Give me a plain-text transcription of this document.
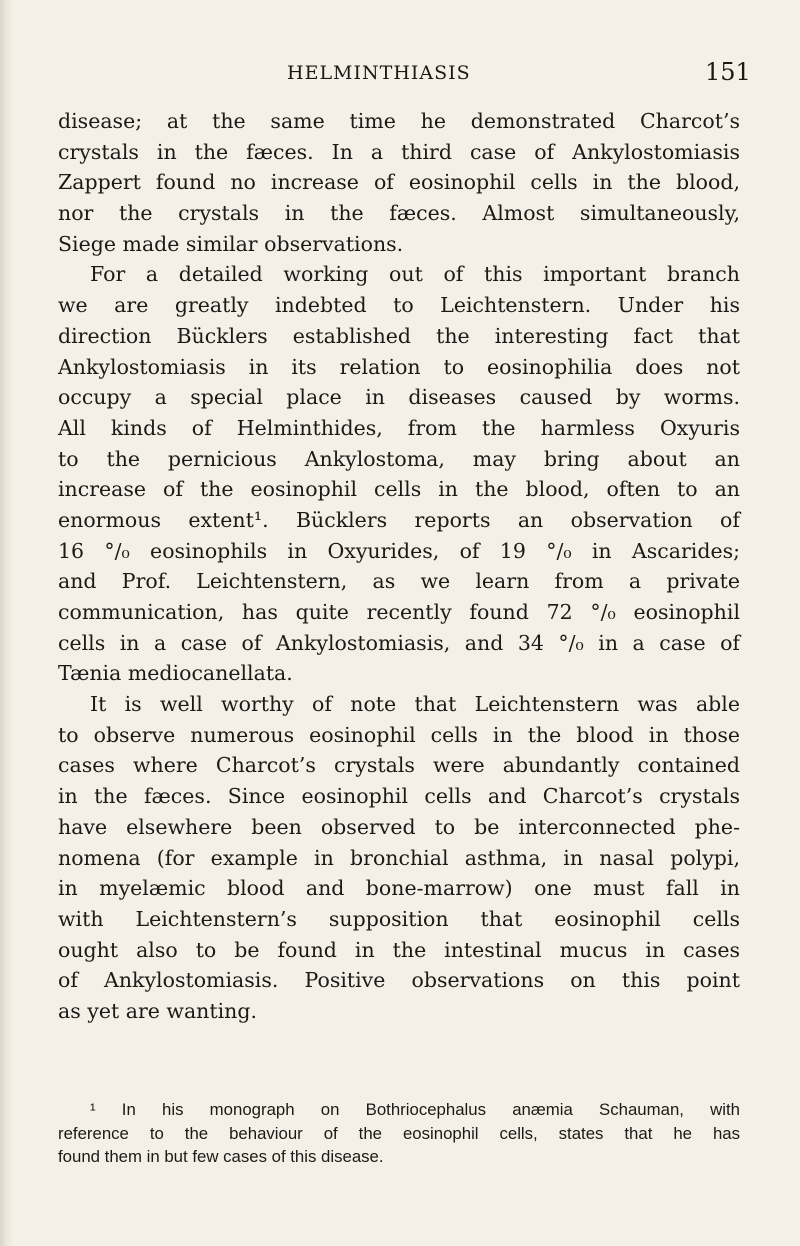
HELMINTHIASIS	151
disease; at the same time he demonstrated Charcot’s
crystals in the fæces. In a third case of Ankylostomiasis
Zappert found no increase of eosinophil cells in the blood,
nor the crystals in the fæces. Almost simultaneously,
Siege made similar observations.
For a detailed working out of this important branch
we are greatly indebted to Leichtenstern. Under his
direction Bücklers established the interesting fact that
Ankylostomiasis in its relation to eosinophilia does not
occupy a special place in diseases caused by worms.
All kinds of Helminthides, from the harmless Oxyuris
to the pernicious Ankylostoma, may bring about an
increase of the eosinophil cells in the blood, often to an
enormous extent¹. Bücklers reports an observation of
16 °/₀ eosinophils in Oxyurides, of 19 °/₀ in Ascarides;
and Prof. Leichtenstern, as we learn from a private
communication, has quite recently found 72 °/₀ eosinophil
cells in a case of Ankylostomiasis, and 34 °/₀ in a case of
Tænia mediocanellata.
It is well worthy of note that Leichtenstern was able
to observe numerous eosinophil cells in the blood in those
cases where Charcot’s crystals were abundantly contained
in the fæces. Since eosinophil cells and Charcot’s crystals
have elsewhere been observed to be interconnected phe-
nomena (for example in bronchial asthma, in nasal polypi,
in myelæmic blood and bone-marrow) one must fall in
with Leichtenstern’s supposition that eosinophil cells
ought also to be found in the intestinal mucus in cases
of Ankylostomiasis. Positive observations on this point
as yet are wanting.
¹ In his monograph on Bothriocephalus anæmia Schauman, with
reference to the behaviour of the eosinophil cells, states that he has
found them in but few cases of this disease.
